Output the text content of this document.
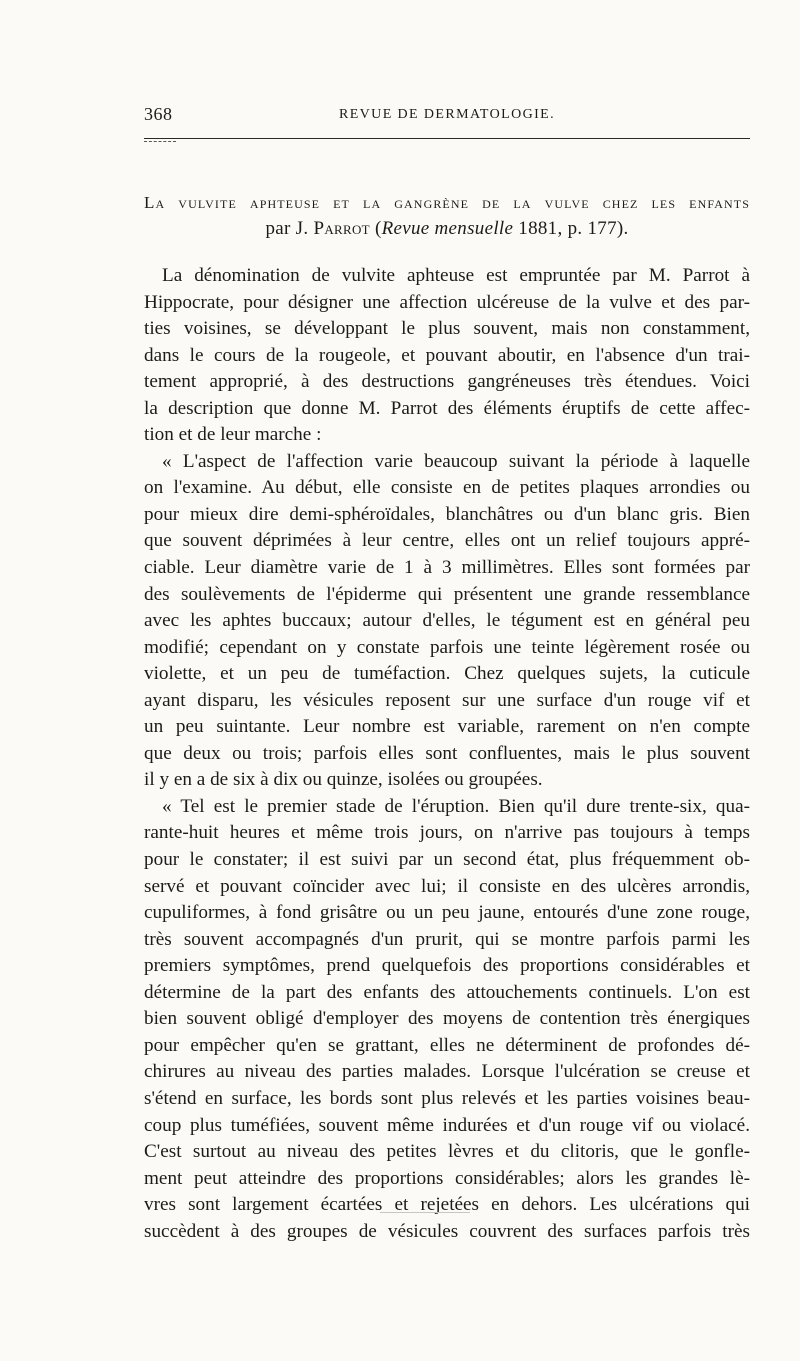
368	REVUE DE DERMATOLOGIE.
La vulvite aphteuse et la gangrène de la vulve chez les enfants
par J. Parrot (Revue mensuelle 1881, p. 177).
La dénomination de vulvite aphteuse est empruntée par M. Parrot à
Hippocrate, pour désigner une affection ulcéreuse de la vulve et des par-
ties voisines, se développant le plus souvent, mais non constamment,
dans le cours de la rougeole, et pouvant aboutir, en l'absence d'un trai-
tement approprié, à des destructions gangréneuses très étendues. Voici
la description que donne M. Parrot des éléments éruptifs de cette affec-
tion et de leur marche :
« L'aspect de l'affection varie beaucoup suivant la période à laquelle
on l'examine. Au début, elle consiste en de petites plaques arrondies ou
pour mieux dire demi-sphéroïdales, blanchâtres ou d'un blanc gris. Bien
que souvent déprimées à leur centre, elles ont un relief toujours appré-
ciable. Leur diamètre varie de 1 à 3 millimètres. Elles sont formées par
des soulèvements de l'épiderme qui présentent une grande ressemblance
avec les aphtes buccaux; autour d'elles, le tégument est en général peu
modifié; cependant on y constate parfois une teinte légèrement rosée ou
violette, et un peu de tuméfaction. Chez quelques sujets, la cuticule
ayant disparu, les vésicules reposent sur une surface d'un rouge vif et
un peu suintante. Leur nombre est variable, rarement on n'en compte
que deux ou trois; parfois elles sont confluentes, mais le plus souvent
il y en a de six à dix ou quinze, isolées ou groupées.
« Tel est le premier stade de l'éruption. Bien qu'il dure trente-six, qua-
rante-huit heures et même trois jours, on n'arrive pas toujours à temps
pour le constater; il est suivi par un second état, plus fréquemment ob-
servé et pouvant coïncider avec lui; il consiste en des ulcères arrondis,
cupuliformes, à fond grisâtre ou un peu jaune, entourés d'une zone rouge,
très souvent accompagnés d'un prurit, qui se montre parfois parmi les
premiers symptômes, prend quelquefois des proportions considérables et
détermine de la part des enfants des attouchements continuels. L'on est
bien souvent obligé d'employer des moyens de contention très énergiques
pour empêcher qu'en se grattant, elles ne déterminent de profondes dé-
chirures au niveau des parties malades. Lorsque l'ulcération se creuse et
s'étend en surface, les bords sont plus relevés et les parties voisines beau-
coup plus tuméfiées, souvent même indurées et d'un rouge vif ou violacé.
C'est surtout au niveau des petites lèvres et du clitoris, que le gonfle-
ment peut atteindre des proportions considérables; alors les grandes lè-
vres sont largement écartées et rejetées en dehors. Les ulcérations qui
succèdent à des groupes de vésicules couvrent des surfaces parfois très
